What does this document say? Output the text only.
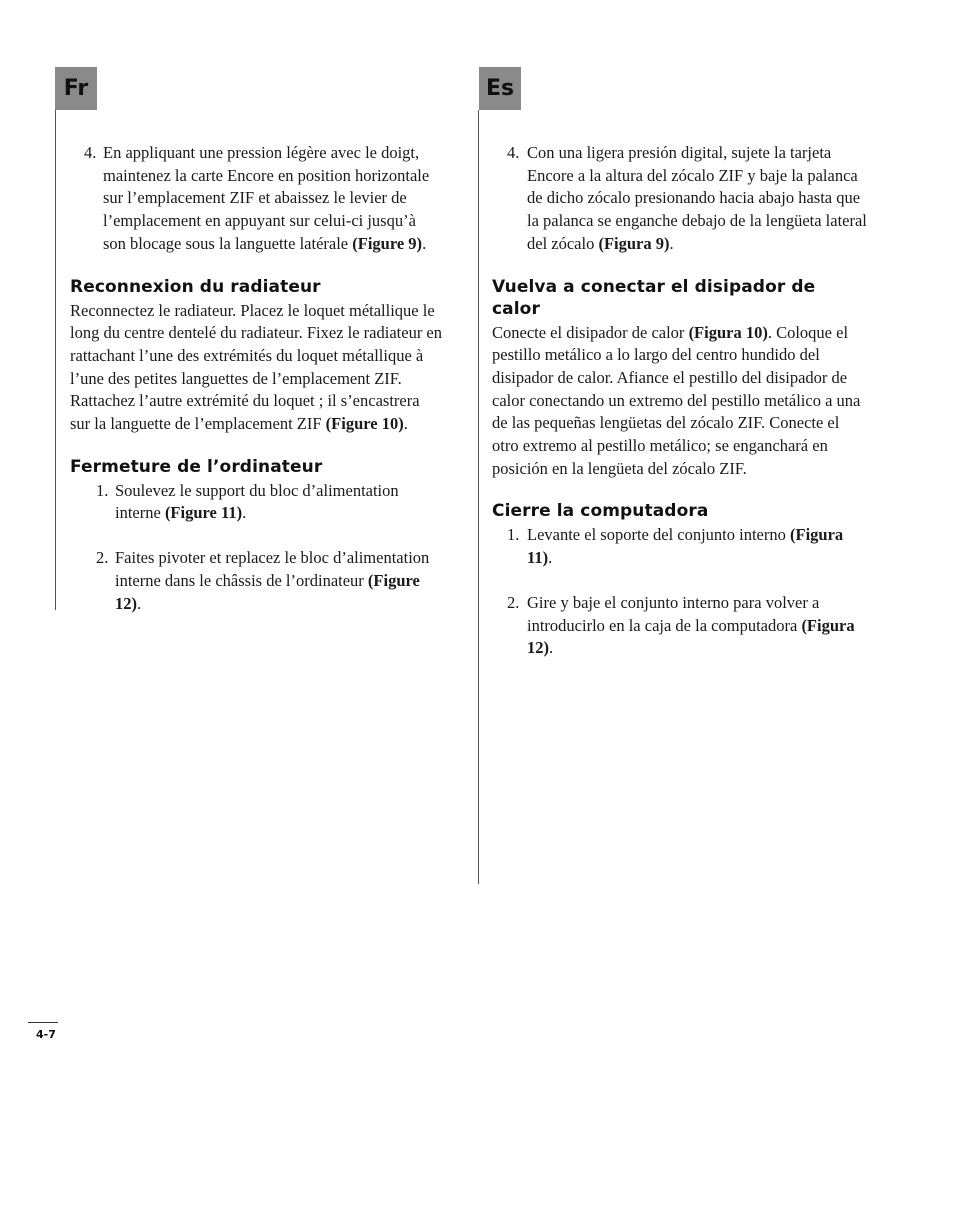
Fr
4. En appliquant une pression légère avec le doigt, maintenez la carte Encore en position horizontale sur l’emplacement ZIF et abaissez le levier de l’emplacement en appuyant sur celui-ci jusqu’à son blocage sous la languette latérale (Figure 9).
Reconnexion du radiateur

Reconnectez le radiateur. Placez le loquet métallique le long du centre dentelé du radiateur. Fixez le radiateur en rattachant l’une des extrémités du loquet métallique à l’une des petites languettes de l’emplacement ZIF. Rattachez l’autre extrémité du loquet ; il s’encastrera sur la languette de l’emplacement ZIF (Figure 10).

Fermeture de l’ordinateur
1. Soulevez le support du bloc d’alimentation interne (Figure 11).
2. Faites pivoter et replacez le bloc d’alimentation interne dans le châssis de l’ordinateur (Figure 12).
Es
4. Con una ligera presión digital, sujete la tarjeta Encore a la altura del zócalo ZIF y baje la palanca de dicho zócalo presionando hacia abajo hasta que la palanca se enganche debajo de la lengüeta lateral del zócalo (Figura 9).
Vuelva a conectar el disipador de calor

Conecte el disipador de calor (Figura 10). Coloque el pestillo metálico a lo largo del centro hundido del disipador de calor. Afiance el pestillo del disipador de calor conectando un extremo del pestillo metálico a una de las pequeñas lengüetas del zócalo ZIF. Conecte el otro extremo al pestillo metálico; se enganchará en posición en la lengüeta del zócalo ZIF.

Cierre la computadora
1. Levante el soporte del conjunto interno (Figura 11).
2. Gire y baje el conjunto interno para volver a introducirlo en la caja de la computadora (Figura 12).
4-7
